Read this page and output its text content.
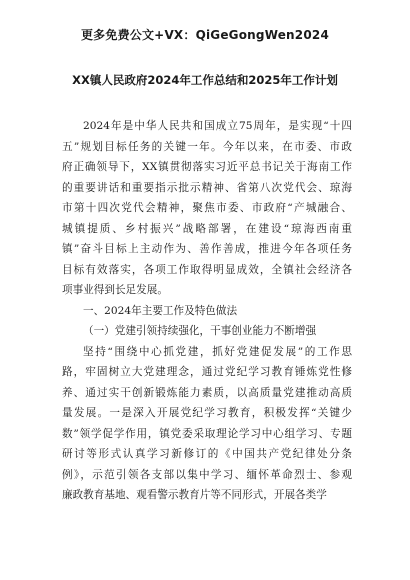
更多免费公文+VX：QiGeGongWen2024
XX镇人民政府2024年工作总结和2025年工作计划
2024年是中华人民共和国成立75周年，是实现“十四
五”规划目标任务的关键一年。今年以来，在市委、市政
府正确领导下，XX镇贯彻落实习近平总书记关于海南工作
的重要讲话和重要指示批示精神、省第八次党代会、琼海
市第十四次党代会精神，聚焦市委、市政府“产城融合、
城镇提质、乡村振兴”战略部署，在建设“琼海西南重
镇”奋斗目标上主动作为、善作善成，推进今年各项任务
目标有效落实，各项工作取得明显成效，全镇社会经济各
项事业得到长足发展。
一、2024年主要工作及特色做法
（一）党建引领持续强化，干事创业能力不断增强
坚持“围绕中心抓党建，抓好党建促发展”的工作思
路，牢固树立大党建理念，通过党纪学习教育锤炼党性修
养、通过实干创新锻炼能力素质，以高质量党建推动高质
量发展。一是深入开展党纪学习教育，积极发挥“关键少
数”领学促学作用，镇党委采取理论学习中心组学习、专题
研讨等形式认真学习新修订的《中国共产党纪律处分条
例》，示范引领各支部以集中学习、缅怀革命烈士、参观
廉政教育基地、观看警示教育片等不同形式，开展各类学
